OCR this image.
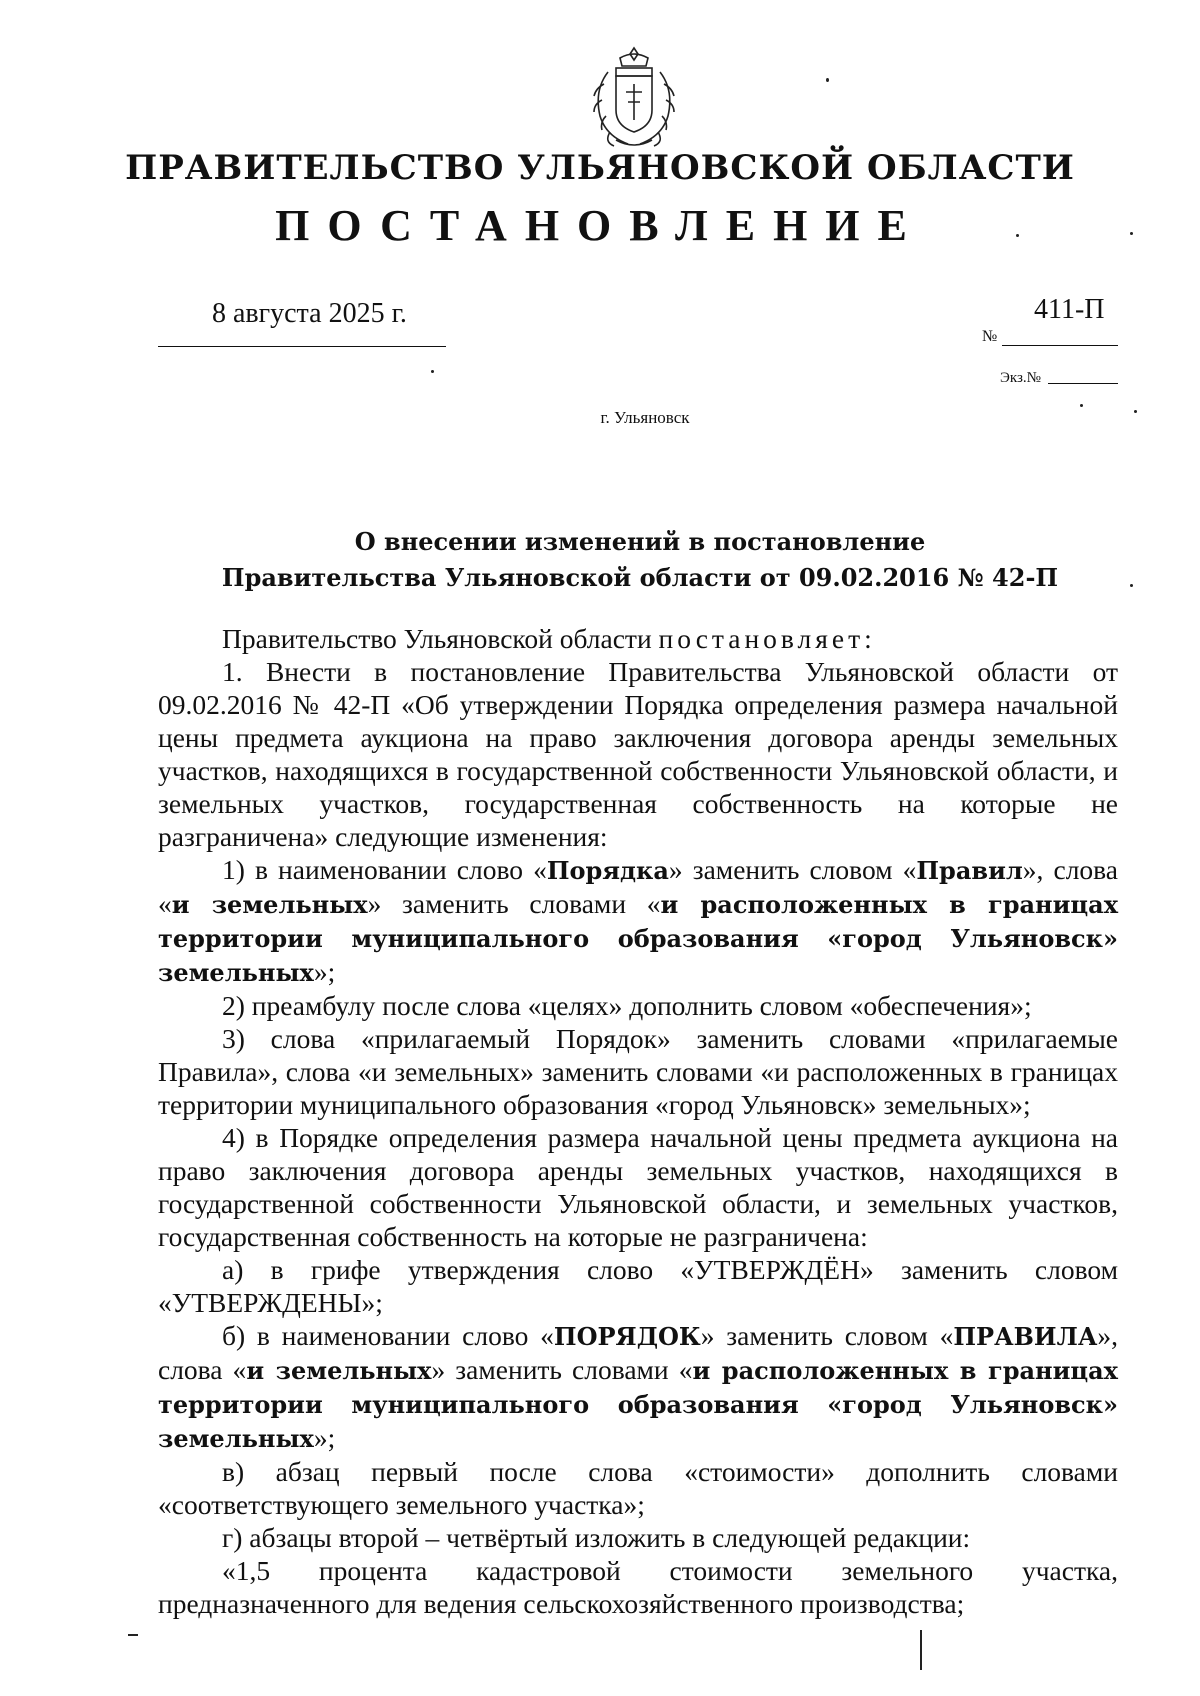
ПРАВИТЕЛЬСТВО УЛЬЯНОВСКОЙ ОБЛАСТИ
ПОСТАНОВЛЕНИЕ
8 августа 2025 г.	411-П
№
Экз.№
г. Ульяновск
О внесении изменений в постановление
Правительства Ульяновской области от 09.02.2016 № 42-П

Правительство Ульяновской области постановляет:

1. Внести в постановление Правительства Ульяновской области от 09.02.2016 № 42-П «Об утверждении Порядка определения размера начальной цены предмета аукциона на право заключения договора аренды земельных участков, находящихся в государственной собственности Ульяновской области, и земельных участков, государственная собственность на которые не разграничена» следующие изменения:

1) в наименовании слово «Порядка» заменить словом «Правил», слова «и земельных» заменить словами «и расположенных в границах территории муниципального образования «город Ульяновск» земельных»;

2) преамбулу после слова «целях» дополнить словом «обеспечения»;

3) слова «прилагаемый Порядок» заменить словами «прилагаемые Правила», слова «и земельных» заменить словами «и расположенных в границах территории муниципального образования «город Ульяновск» земельных»;

4) в Порядке определения размера начальной цены предмета аукциона на право заключения договора аренды земельных участков, находящихся в государственной собственности Ульяновской области, и земельных участков, государственная собственность на которые не разграничена:

а) в грифе утверждения слово «УТВЕРЖДЁН» заменить словом «УТВЕРЖДЕНЫ»;

б) в наименовании слово «ПОРЯДОК» заменить словом «ПРАВИЛА», слова «и земельных» заменить словами «и расположенных в границах территории муниципального образования «город Ульяновск» земельных»;

в) абзац первый после слова «стоимости» дополнить словами «соответствующего земельного участка»;

г) абзацы второй – четвёртый изложить в следующей редакции:

«1,5 процента кадастровой стоимости земельного участка, предназначенного для ведения сельскохозяйственного производства;
